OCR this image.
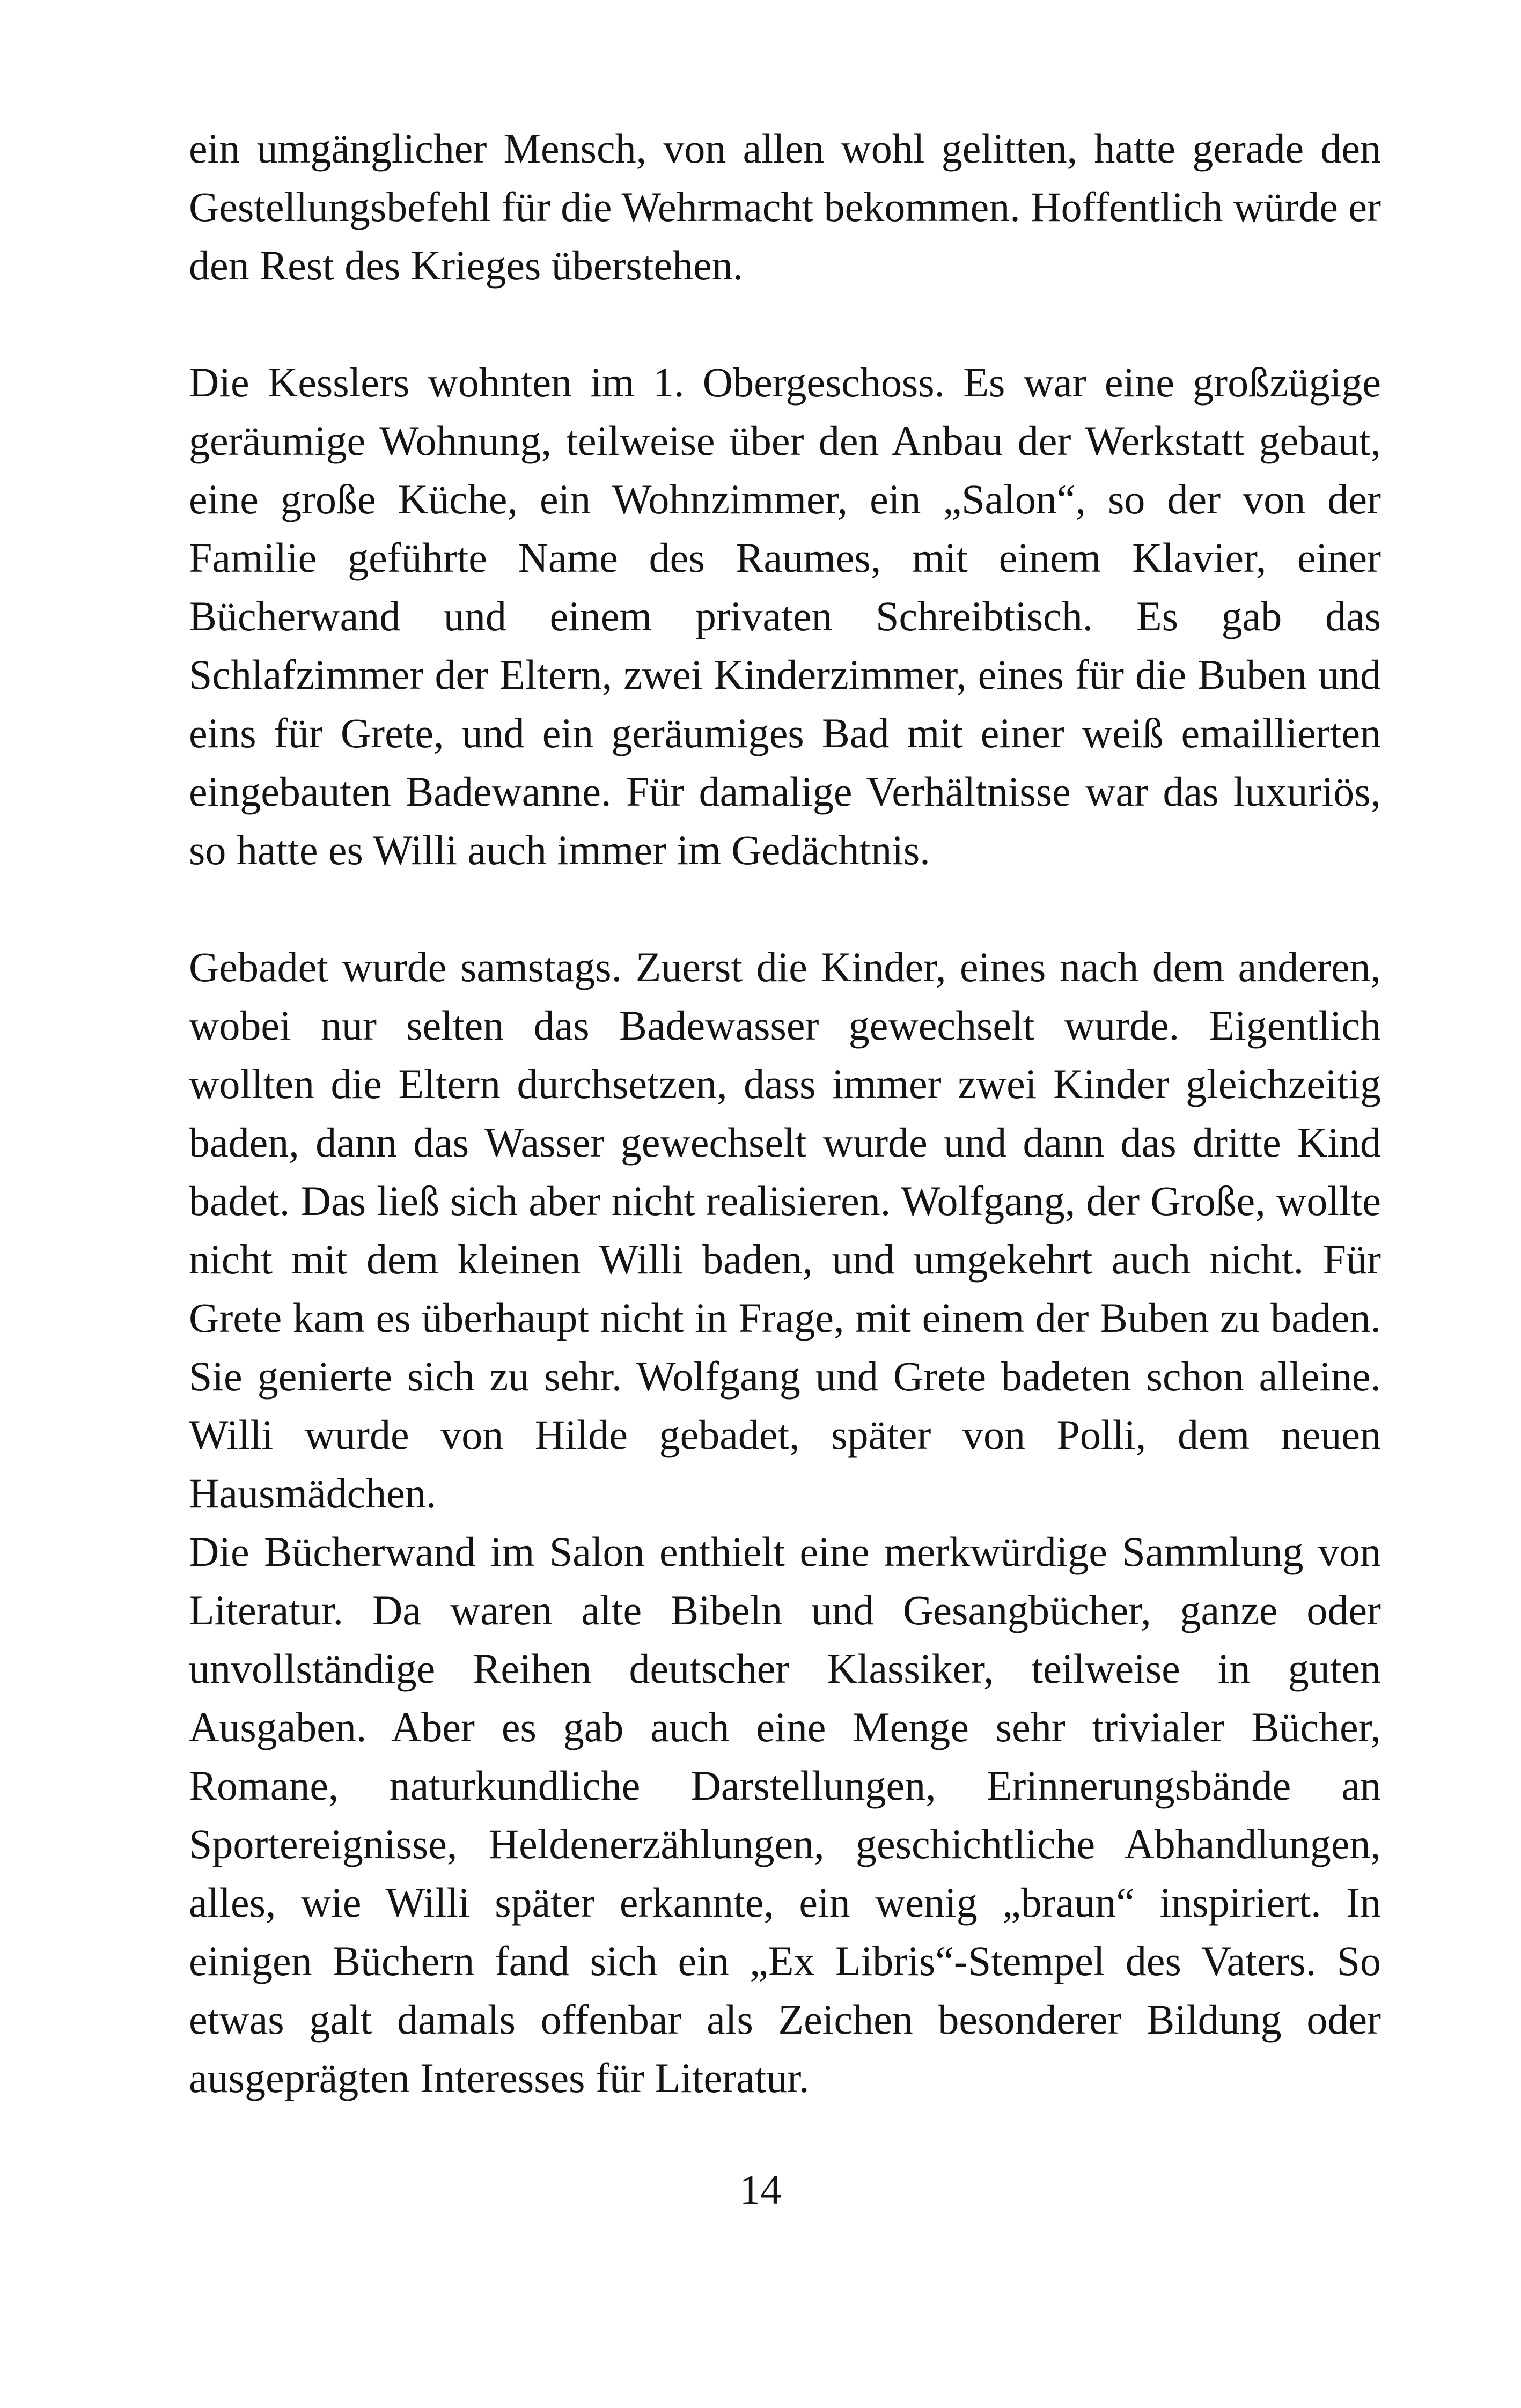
ein umgänglicher Mensch, von allen wohl gelitten, hatte gerade den Gestellungsbefehl für die Wehrmacht bekommen. Hoffentlich würde er den Rest des Krieges überstehen.

Die Kesslers wohnten im 1. Obergeschoss. Es war eine großzügige geräumige Wohnung, teilweise über den Anbau der Werkstatt gebaut, eine große Küche, ein Wohnzimmer, ein „Salon“, so der von der Familie geführte Name des Raumes, mit einem Klavier, einer Bücherwand und einem privaten Schreibtisch. Es gab das Schlafzimmer der Eltern, zwei Kinderzimmer, eines für die Buben und eins für Grete, und ein geräumiges Bad mit einer weiß emaillierten eingebauten Badewanne. Für damalige Verhältnisse war das luxuriös, so hatte es Willi auch immer im Gedächtnis.

Gebadet wurde samstags. Zuerst die Kinder, eines nach dem anderen, wobei nur selten das Badewasser gewechselt wurde. Eigentlich wollten die Eltern durchsetzen, dass immer zwei Kinder gleichzeitig baden, dann das Wasser gewechselt wurde und dann das dritte Kind badet. Das ließ sich aber nicht realisieren. Wolfgang, der Große, wollte nicht mit dem kleinen Willi baden, und umgekehrt auch nicht. Für Grete kam es überhaupt nicht in Frage, mit einem der Buben zu baden. Sie genierte sich zu sehr. Wolfgang und Grete badeten schon alleine. Willi wurde von Hilde gebadet, später von Polli, dem neuen Hausmädchen.

Die Bücherwand im Salon enthielt eine merkwürdige Sammlung von Literatur. Da waren alte Bibeln und Gesangbücher, ganze oder unvollständige Reihen deutscher Klassiker, teilweise in guten Ausgaben. Aber es gab auch eine Menge sehr trivialer Bücher, Romane, naturkundliche Darstellungen, Erinnerungsbände an Sportereignisse, Heldenerzählungen, geschichtliche Abhandlungen, alles, wie Willi später erkannte, ein wenig „braun“ inspiriert. In einigen Büchern fand sich ein „Ex Libris“-Stempel des Vaters. So etwas galt damals offenbar als Zeichen besonderer Bildung oder ausgeprägten Interesses für Literatur.

14
